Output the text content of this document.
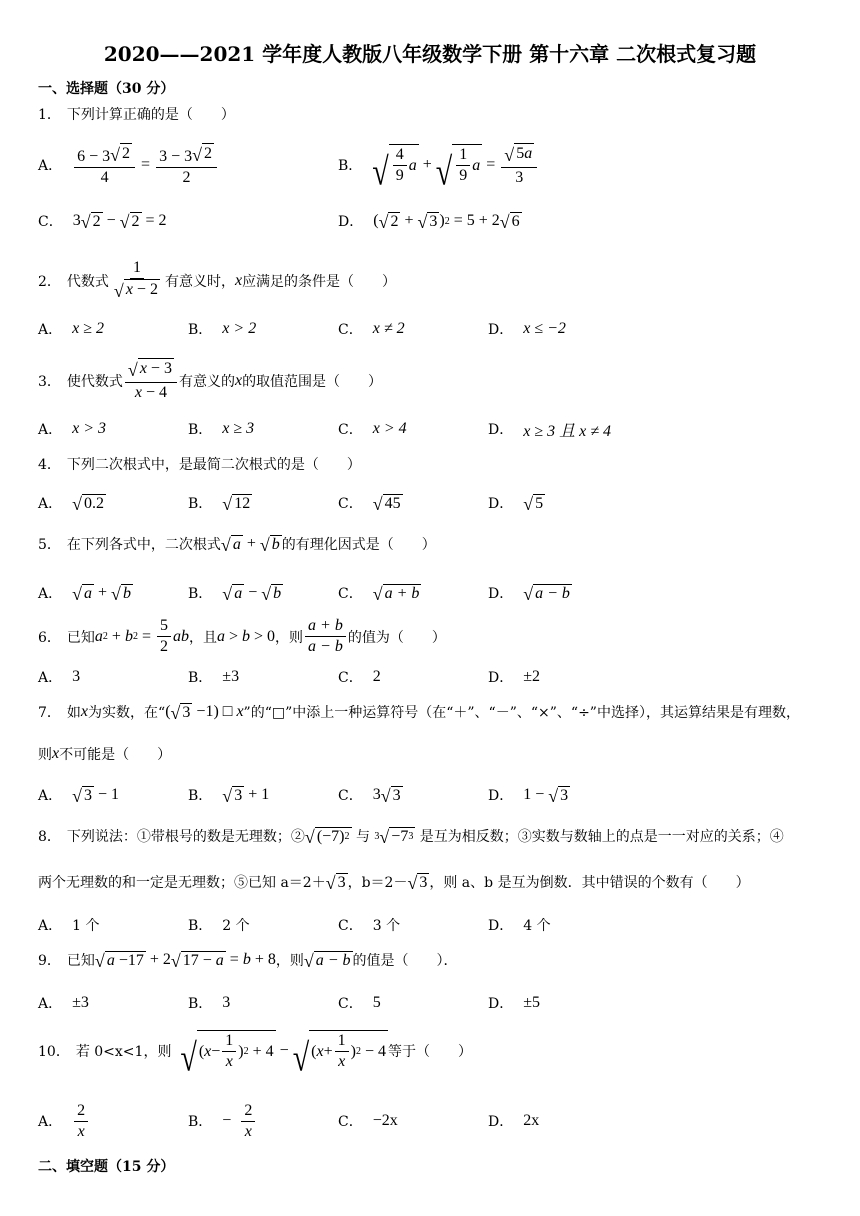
2020——2021 学年度人教版八年级数学下册 第十六章 二次根式复习题
一、选择题（30 分）
1． 下列计算正确的是（　　）
A． $\frac{6 - 3 √ 2}{4} = \frac{3 - 3 √ 2}{2}$	B． √ $\frac{4}{9}$ a + √ $\frac{1}{9}$ $a = \frac{√ 5 a}{3}$
C． 3 √ 2 − √ 2 = 2	D． ( √ 2 + √ 3 ) 2 = 5 + 2 √ 6
2． 代数式 $\frac{1}{√ x - 2}$ 有意义时， x 应满足的条件是（　　）
A． x ≥ 2	B． x > 2	C． x ≠ 2	D． x ≤ −2
3． 使代数式 $\frac{√ x - 3}{x - 4}$ 有意义的 x 的取值范围是（　　）
A． x > 3	B． x ≥ 3	C． x > 4	D． x ≥ 3 且 x ≠ 4
4． 下列二次根式中，是最简二次根式的是（　　）
A． √ 0.2	B． √ 12	C． √ 45	D． √ 5
5． 在下列各式中，二次根式 √ a + √ b 的有理化因式是（　　）
A． √ a + √ b	B． √ a − √ b	C． √ a + b	D． √ a − b
6． 已知 a 2 + b $2 = \frac{5}{2}$ ab ，且 a > b > 0 ，则 $\frac{a + b}{a - b}$ 的值为（　　）
A． 3	B． ±3	C． 2	D． ±2
7． 如 x 为实数，在“ ( √ 3 −1) □ x ”的“□”中添上一种运算符号（在“＋”、“－”、“×”、“÷”中选择），其运算结果是有理数，
则 x 不可能是（　　）
A． √ 3 − 1	B． √ 3 + 1	C． 3 √ 3	D． 1 − √ 3
8． 下列说法：①带根号的数是无理数；② √ (−7) 2
与
3 √ −7 3
是互为相反数；③实数与数轴上的点是一一对应的关系；④
两个无理数的和一定是无理数；⑤已知 a＝2＋ √ 3 ，b＝2－ √ 3 ，则 a、b 是互为倒数．其中错误的个数有（　　）
A． 1 个	B． 2 个	C． 3 个	D． 4 个
9． 已知 √ a −17 + 2 √ 17 − a = b + 8 ，则 √ a − b 的值是（　　）．
A． ±3	B． 3	C． 5	D． ±5
10． 若 0<x<1，则
√ ( $x - \frac{1}{x}$ ) 2 + 4 − √ ( $x + \frac{1}{x}$ ) 2 − 4 等于（　　）
A． $\frac{2}{x}$	B． − $\frac{2}{x}$	C． −2x	D． 2x
二、填空题（15 分）
